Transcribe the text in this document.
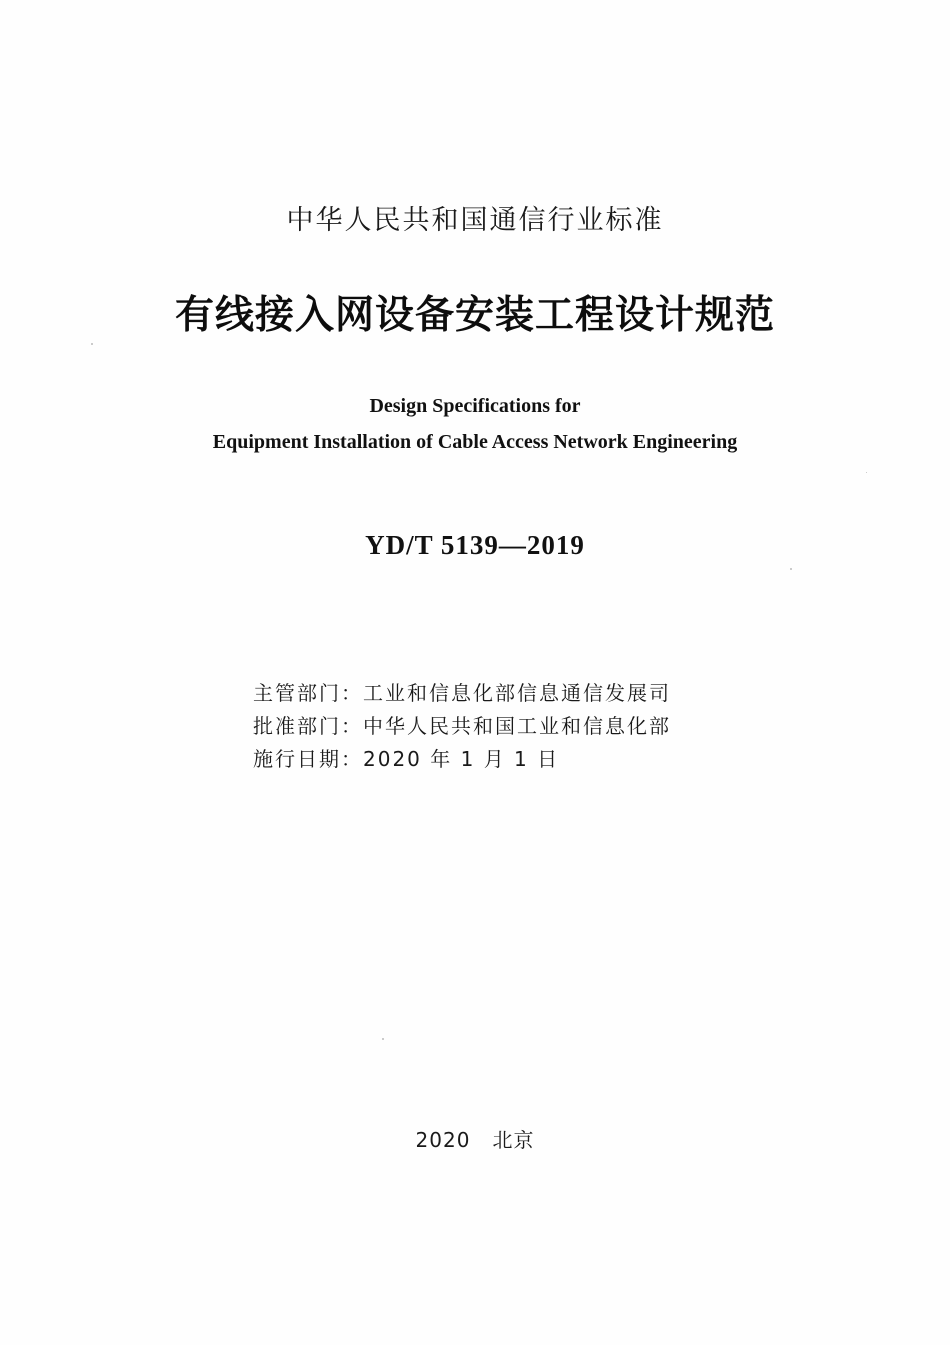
中华人民共和国通信行业标准
有线接入网设备安装工程设计规范
Design Specifications for
Equipment Installation of Cable Access Network Engineering
YD/T 5139—2019
主管部门：工业和信息化部信息通信发展司
批准部门：中华人民共和国工业和信息化部
施行日期：2020 年 1 月 1 日
2020 北京
